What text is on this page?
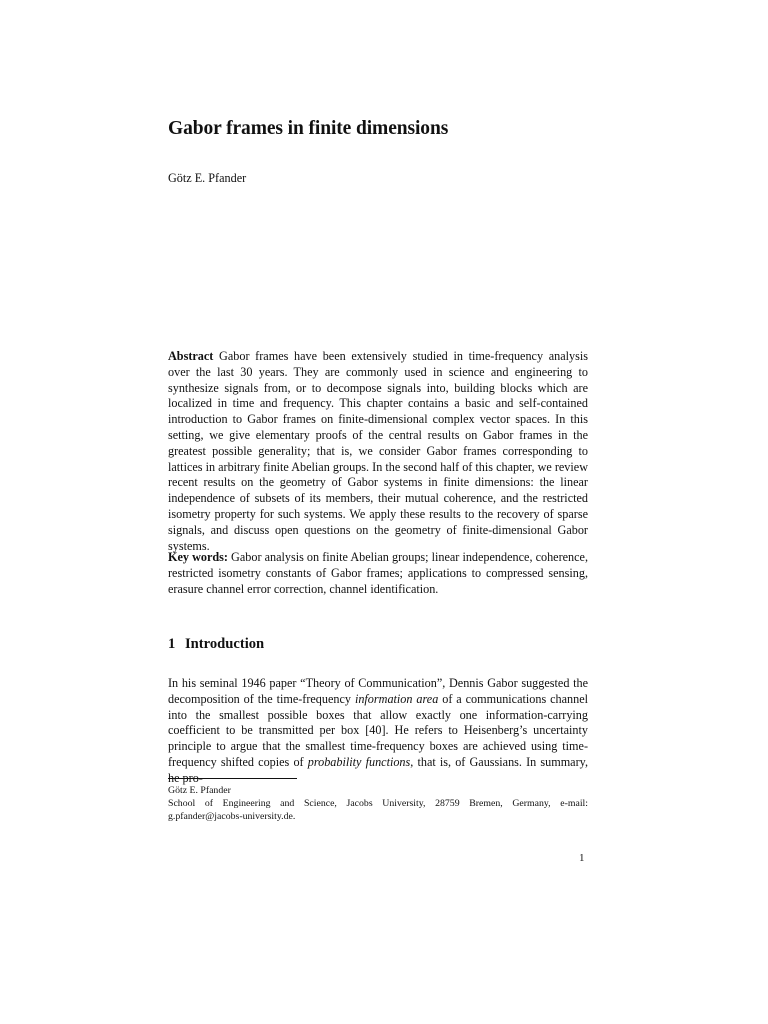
Gabor frames in finite dimensions
Götz E. Pfander
Abstract Gabor frames have been extensively studied in time-frequency analysis over the last 30 years. They are commonly used in science and engineering to synthesize signals from, or to decompose signals into, building blocks which are localized in time and frequency. This chapter contains a basic and self-contained introduction to Gabor frames on finite-dimensional complex vector spaces. In this setting, we give elementary proofs of the central results on Gabor frames in the greatest possible generality; that is, we consider Gabor frames corresponding to lattices in arbitrary finite Abelian groups. In the second half of this chapter, we review recent results on the geometry of Gabor systems in finite dimensions: the linear independence of subsets of its members, their mutual coherence, and the restricted isometry property for such systems. We apply these results to the recovery of sparse signals, and discuss open questions on the geometry of finite-dimensional Gabor systems.
Key words: Gabor analysis on finite Abelian groups; linear independence, coherence, restricted isometry constants of Gabor frames; applications to compressed sensing, erasure channel error correction, channel identification.
1 Introduction
In his seminal 1946 paper “Theory of Communication”, Dennis Gabor suggested the decomposition of the time-frequency information area of a communications channel into the smallest possible boxes that allow exactly one information-carrying coefficient to be transmitted per box [40]. He refers to Heisenberg’s uncertainty principle to argue that the smallest time-frequency boxes are achieved using time-frequency shifted copies of probability functions, that is, of Gaussians. In summary, he pro-
Götz E. Pfander
School of Engineering and Science, Jacobs University, 28759 Bremen, Germany, e-mail: g.pfander@jacobs-university.de.
1
